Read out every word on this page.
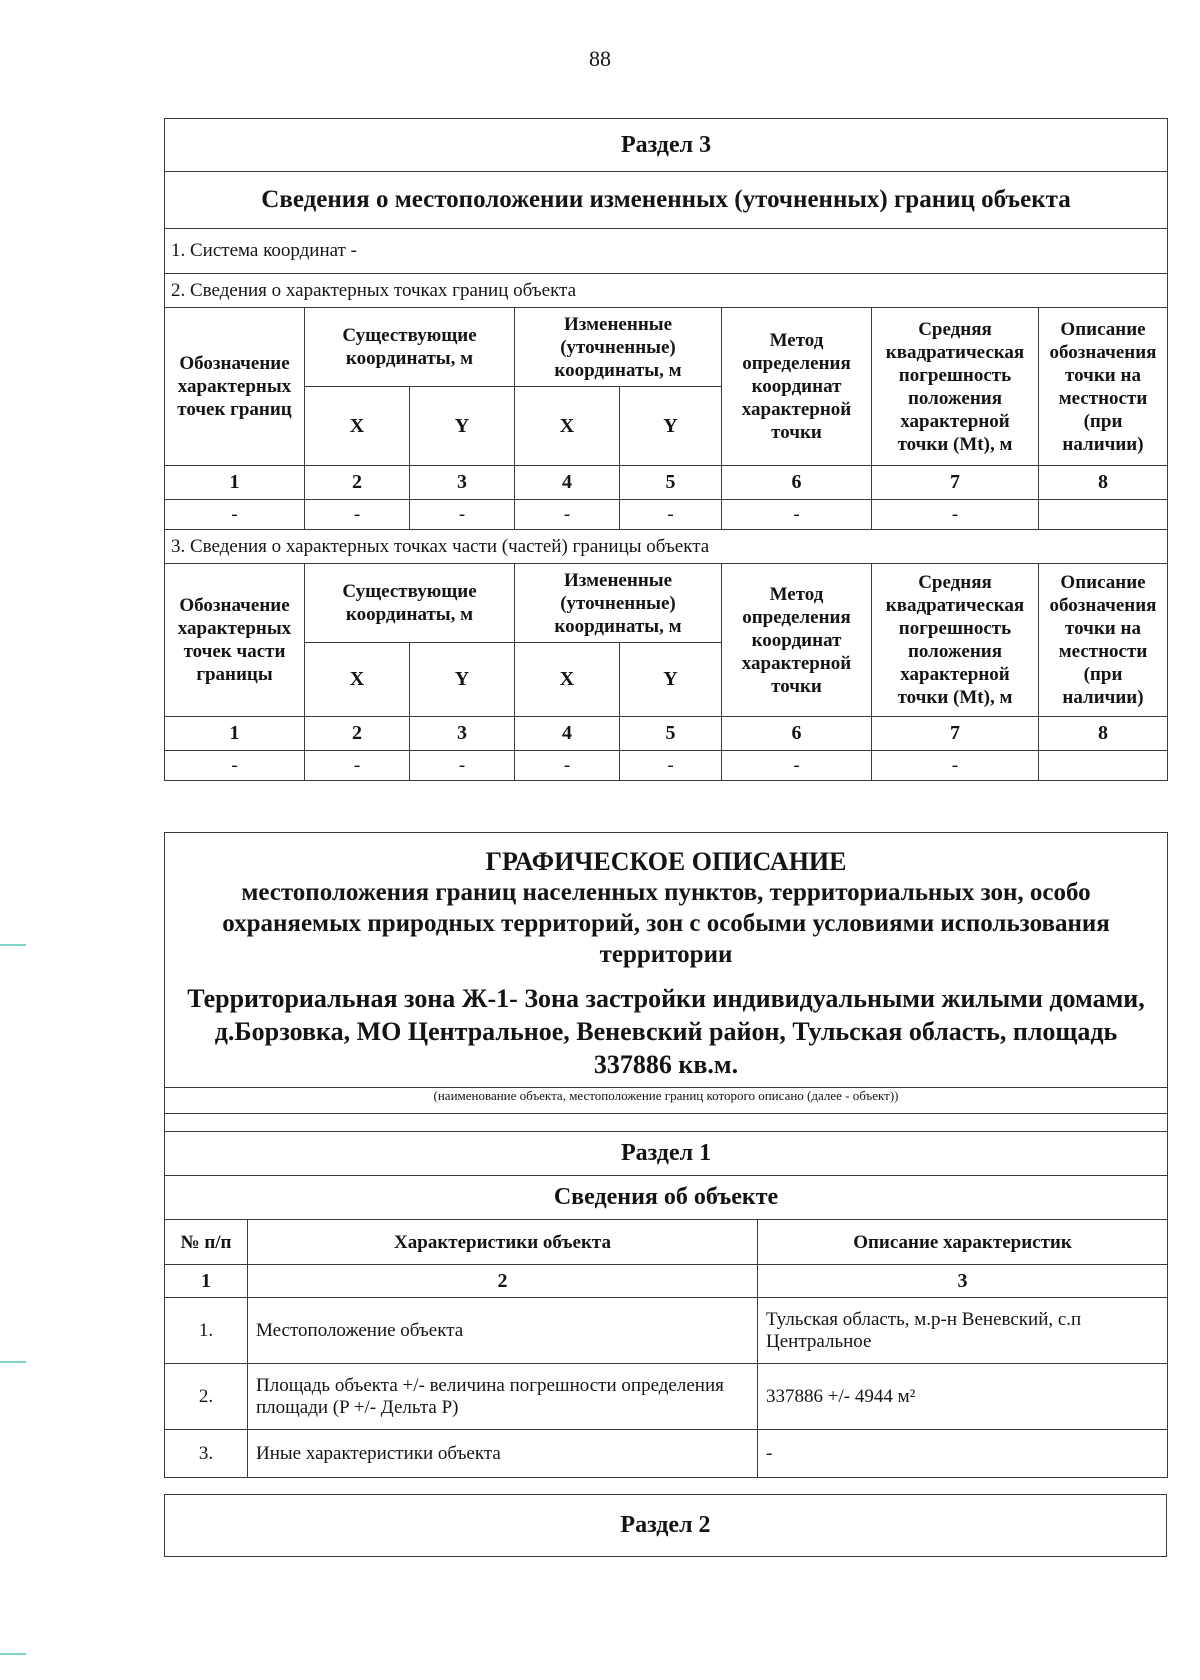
88
Раздел 3							
Сведения о местоположении измененных (уточненных) границ объекта							
1. Система координат -							
2. Сведения о характерных точках границ объекта							
Обозначение характерных точек границ	Существующие координаты, м		Измененные (уточненные) координаты, м		Метод определения координат характерной точки	Средняя квадратическая погрешность положения характерной точки (Mt), м	Описание обозначения точки на местности (при наличии)
	X	Y	X	Y			
1	2	3	4	5	6	7	8
-	-	-	-	-	-	-	
3. Сведения о характерных точках части (частей) границы объекта							
Обозначение характерных точек части границы	Существующие координаты, м		Измененные (уточненные) координаты, м		Метод определения координат характерной точки	Средняя квадратическая погрешность положения характерной точки (Mt), м	Описание обозначения точки на местности (при наличии)
	X	Y	X	Y			
1	2	3	4	5	6	7	8
-	-	-	-	-	-	-	
ГРАФИЧЕСКОЕ ОПИСАНИЕ
местоположения границ населенных пунктов, территориальных зон, особо охраняемых природных территорий, зон с особыми условиями использования территории
Территориальная зона Ж-1- Зона застройки индивидуальными жилыми домами, д.Борзовка, МО Центральное, Веневский район, Тульская область, площадь 337886 кв.м.		

(наименование объекта, местоположение границ которого описано (далее - объект))		

Раздел 1		
Сведения об объекте		
№ п/п	Характеристики объекта	Описание характеристик
1	2	3
1.	Местоположение объекта	Тульская область, м.р-н Веневский, с.п Центральное
2.	Площадь объекта +/- величина погрешности определения площади (P +/- Дельта P)	337886 +/- 4944 м²
3.	Иные характеристики объекта	-
Раздел 2
